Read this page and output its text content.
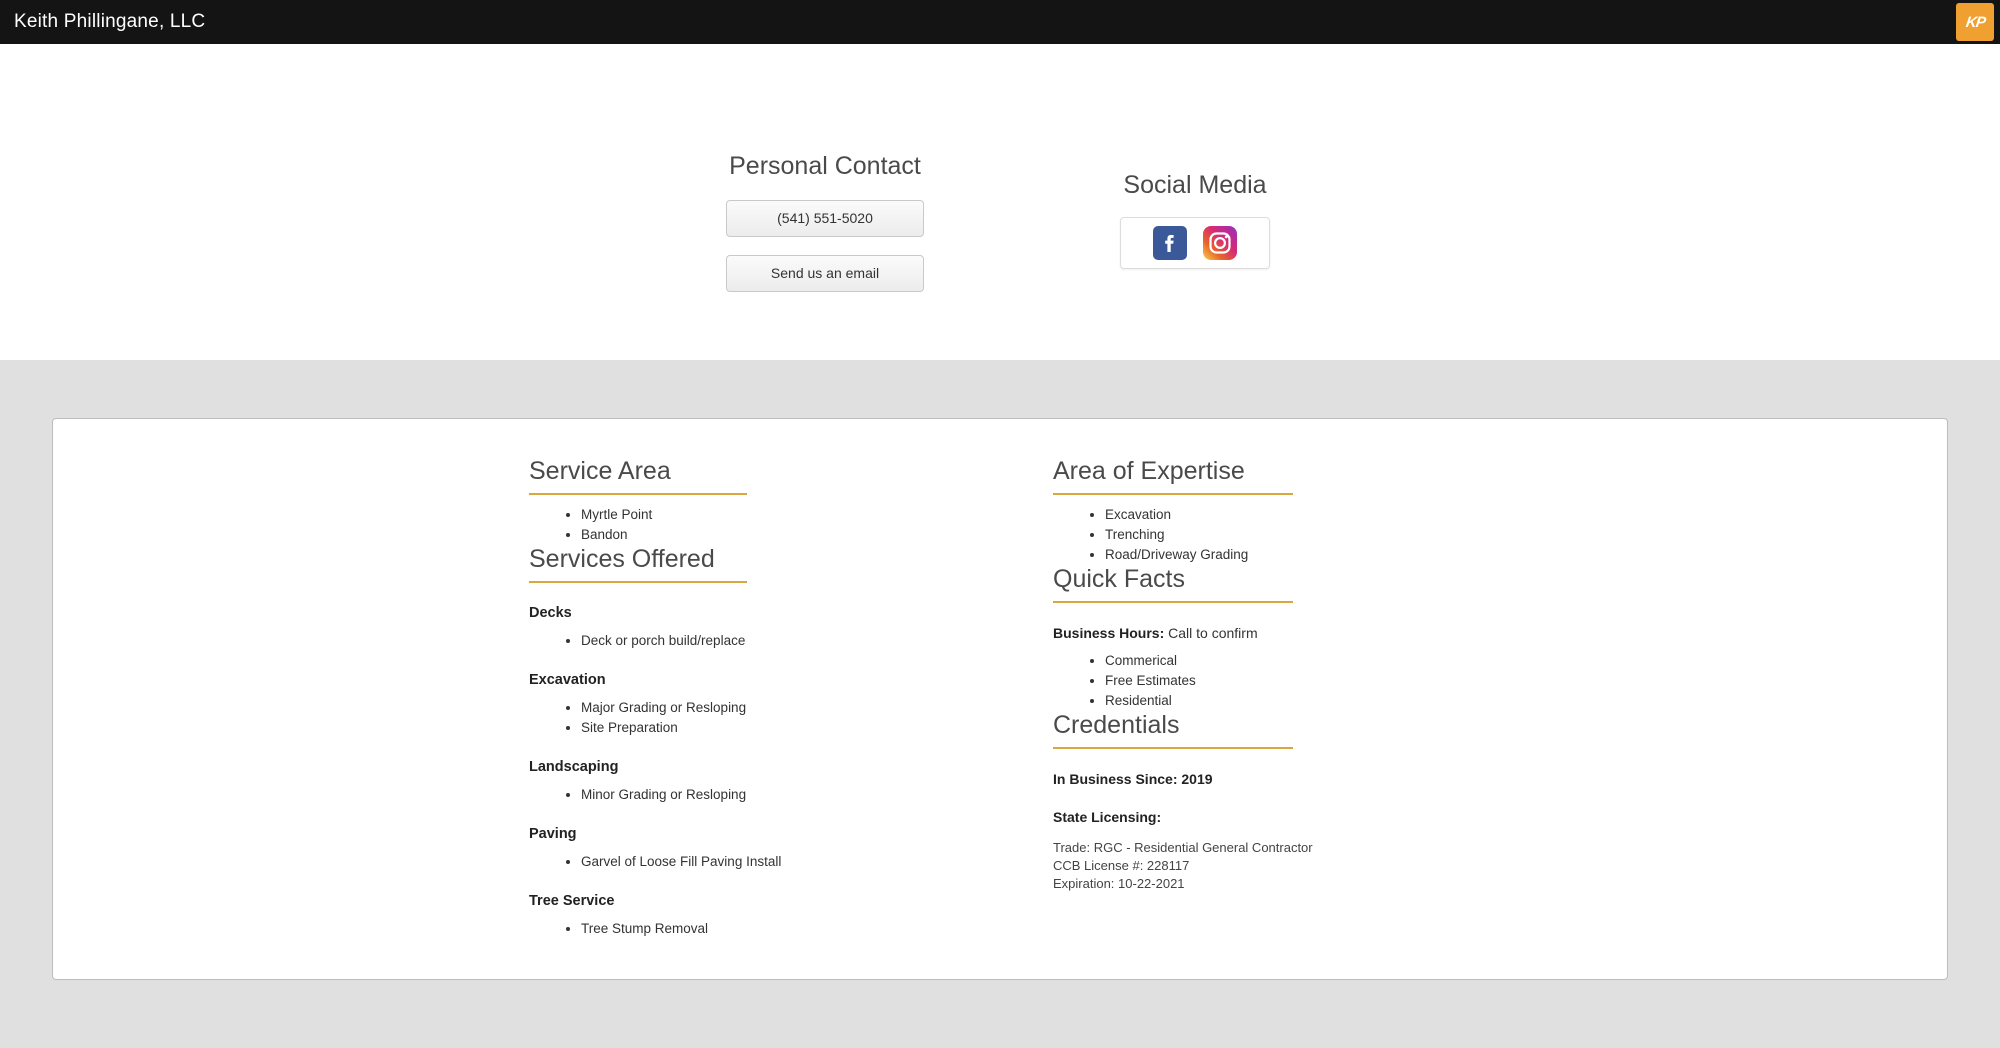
Keith Phillingane, LLC	KP
Personal Contact
(541) 551-5020
Send us an email
Social Media
Service Area
• Myrtle Point
• Bandon
Services Offered
Decks
• Deck or porch build/replace
Excavation
• Major Grading or Resloping
• Site Preparation
Landscaping
• Minor Grading or Resloping
Paving
• Garvel of Loose Fill Paving Install
Tree Service
• Tree Stump Removal
Area of Expertise
• Excavation
• Trenching
• Road/Driveway Grading
Quick Facts

Business Hours: Call to confirm

• Commerical
• Free Estimates
• Residential
Credentials

In Business Since: 2019

State Licensing:

Trade: RGC - Residential General Contractor

CCB License #: 228117

Expiration: 10-22-2021
